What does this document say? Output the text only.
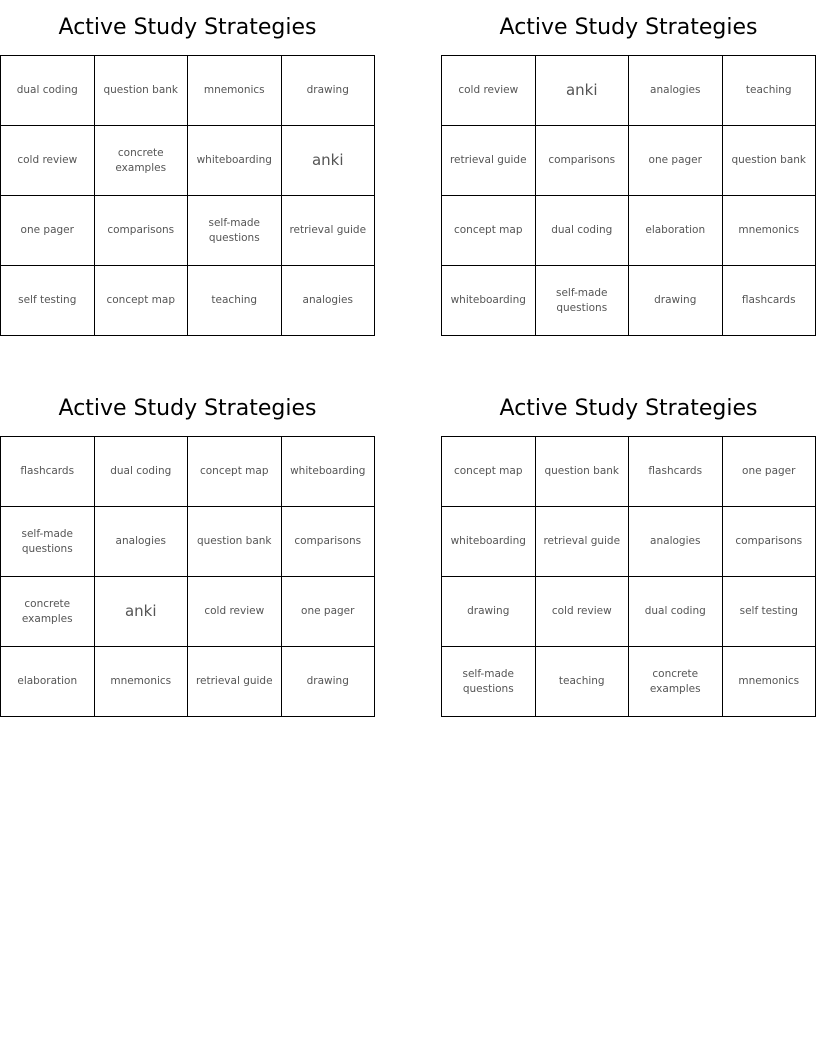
Active Study Strategies
dual coding	question bank	mnemonics	drawing
cold review	concrete examples	whiteboarding	anki
one pager	comparisons	self-made questions	retrieval guide
self testing	concept map	teaching	analogies
Active Study Strategies
cold review	anki	analogies	teaching
retrieval guide	comparisons	one pager	question bank
concept map	dual coding	elaboration	mnemonics
whiteboarding	self-made questions	drawing	flashcards
Active Study Strategies
flashcards	dual coding	concept map	whiteboarding
self-made questions	analogies	question bank	comparisons
concrete examples	anki	cold review	one pager
elaboration	mnemonics	retrieval guide	drawing
Active Study Strategies
concept map	question bank	flashcards	one pager
whiteboarding	retrieval guide	analogies	comparisons
drawing	cold review	dual coding	self testing
self-made questions	teaching	concrete examples	mnemonics
